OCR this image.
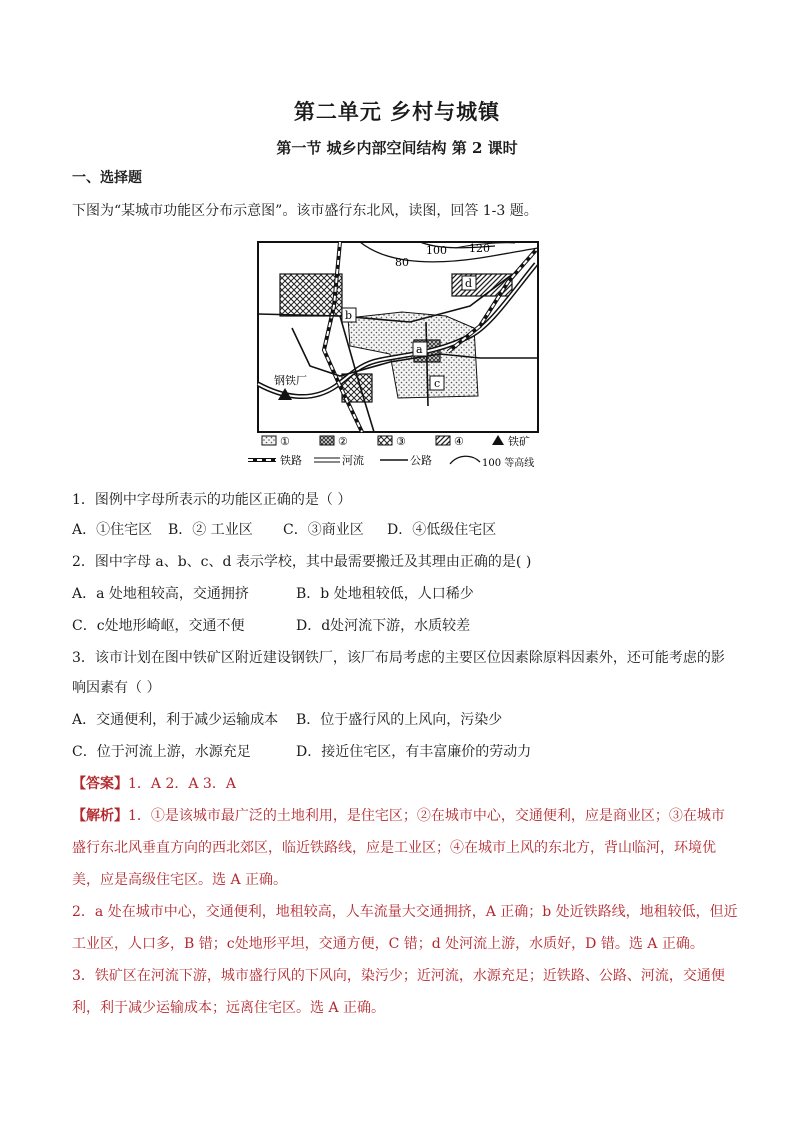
第二单元 乡村与城镇
第一节 城乡内部空间结构 第 2 课时
一、选择题
下图为“某城市功能区分布示意图”。该市盛行东北风，读图，回答 1-3 题。
80
100 120
b
a
c
d
钢铁厂
①	②	③	④	铁矿
铁路	河流	公路	100 等高线
1．图例中字母所表示的功能区正确的是（ ）
A．①住宅区 B．② 工业区 C．③商业区 D．④低级住宅区
2．图中字母 a、b、c、d 表示学校，其中最需要搬迁及其理由正确的是( )
A．a 处地租较高，交通拥挤	B．b 处地租较低，人口稀少
C．c处地形崎岖，交通不便	D．d处河流下游，水质较差
3．该市计划在图中铁矿区附近建设钢铁厂，该厂布局考虑的主要区位因素除原料因素外，还可能考虑的影
响因素有（ ）
A．交通便利，利于减少运输成本 B．位于盛行风的上风向，污染少
C．位于河流上游，水源充足	D．接近住宅区，有丰富廉价的劳动力
【答案】1．A 2．A 3．A
【解析】1．①是该城市最广泛的土地利用，是住宅区；②在城市中心，交通便利，应是商业区；③在城市
盛行东北风垂直方向的西北郊区，临近铁路线，应是工业区；④在城市上风的东北方，背山临河，环境优
美，应是高级住宅区。选 A 正确。
2．a 处在城市中心，交通便利，地租较高，人车流量大交通拥挤，A 正确；b 处近铁路线，地租较低，但近
工业区，人口多，B 错；c处地形平坦，交通方便，C 错；d 处河流上游，水质好，D 错。选 A 正确。
3．铁矿区在河流下游，城市盛行风的下风向，染污少；近河流，水源充足；近铁路、公路、河流，交通便
利，利于减少运输成本；远离住宅区。选 A 正确。
